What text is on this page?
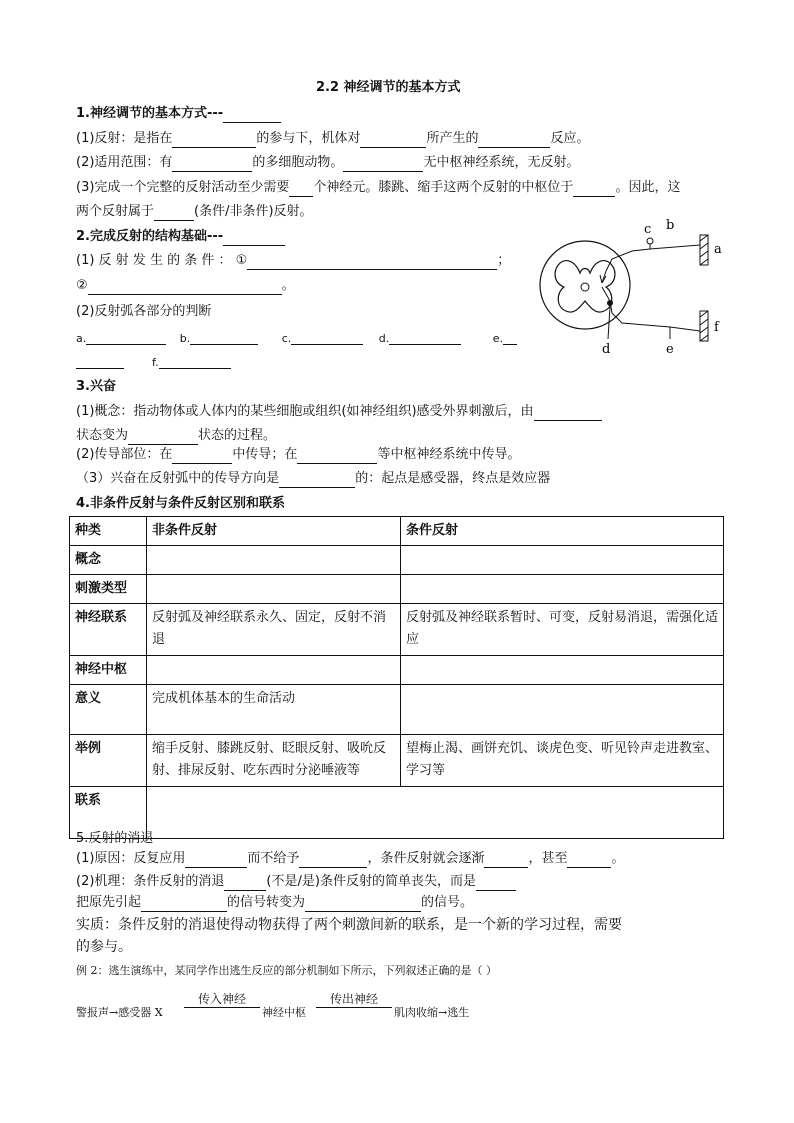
2.2 神经调节的基本方式
1.神经调节的基本方式---
(1)反射：是指在	的参与下，机体对	所产生的	反应。
(2)适用范围：有	的多细胞动物。	无中枢神经系统，无反射。
(3)完成一个完整的反射活动至少需要 个神经元。膝跳、缩手这两个反射的中枢位于	。因此，这
两个反射属于	(条件/非条件)反射。
2.完成反射的结构基础---
(1) 反 射 发 生 的 条 件 ： ①	；
②	。
(2)反射弧各部分的判断
a.	b.	c.	d.	e.
f.
c b
a
d	e
f
3.兴奋
(1)概念：指动物体或人体内的某些细胞或组织(如神经组织)感受外界刺激后，由
状态变为	状态的过程。
(2)传导部位：在	中传导；在	等中枢神经系统中传导。
（3）兴奋在反射弧中的传导方向是	的：起点是感受器，终点是效应器
4.非条件反射与条件反射区别和联系
种类	非条件反射	条件反射
概念		
刺激类型		
神经联系	反射弧及神经联系永久、固定，反射不消退	反射弧及神经联系暂时、可变，反射易消退，需强化适应
神经中枢		
意义	完成机体基本的生命活动	
举例	缩手反射、膝跳反射、眨眼反射、吸吮反射、排尿反射、吃东西时分泌唾液等	望梅止渴、画饼充饥、谈虎色变、听见铃声走进教室、学习等
联系		
5.反射的消退
(1)原因：反复应用	而不给予	，条件反射就会逐渐	，甚至	。
(2)机理：条件反射的消退	(不是/是)条件反射的简单丧失，而是
把原先引起	的信号转变为	的信号。
实质：条件反射的消退使得动物获得了两个刺激间新的联系，是一个新的学习过程，需要
的参与。
例 2：逃生演练中，某同学作出逃生反应的部分机制如下所示，下列叙述正确的是（ ）
警报声→感受器 X
传入神经
神经中枢
传出神经
肌肉收缩→逃生
